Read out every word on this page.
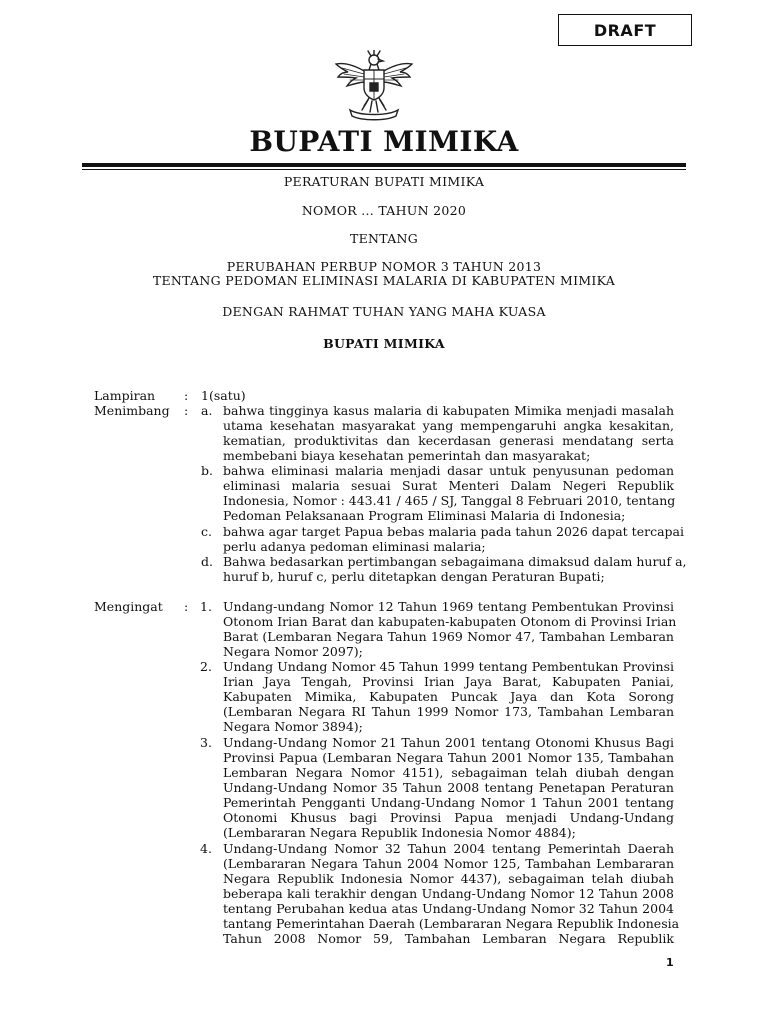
DRAFT
BUPATI MIMIKA
PERATURAN BUPATI MIMIKA
NOMOR ... TAHUN 2020
TENTANG
PERUBAHAN PERBUP NOMOR 3 TAHUN 2013
TENTANG PEDOMAN ELIMINASI MALARIA DI KABUPATEN MIMIKA
DENGAN RAHMAT TUHAN YANG MAHA KUASA
BUPATI MIMIKA
Lampiran : 1(satu)
Menimbang : a. bahwa tingginya kasus malaria di kabupaten Mimika menjadi masalah
utama kesehatan masyarakat yang mempengaruhi angka kesakitan,
kematian, produktivitas dan kecerdasan generasi mendatang serta
membebani biaya kesehatan pemerintah dan masyarakat;
b. bahwa eliminasi malaria menjadi dasar untuk penyusunan pedoman
eliminasi malaria sesuai Surat Menteri Dalam Negeri Republik
Indonesia, Nomor : 443.41 / 465 / SJ, Tanggal 8 Februari 2010, tentang
Pedoman Pelaksanaan Program Eliminasi Malaria di Indonesia;
c. bahwa agar target Papua bebas malaria pada tahun 2026 dapat tercapai
perlu adanya pedoman eliminasi malaria;
d. Bahwa bedasarkan pertimbangan sebagaimana dimaksud dalam huruf a,
huruf b, huruf c, perlu ditetapkan dengan Peraturan Bupati;
Mengingat : 1. Undang-undang Nomor 12 Tahun 1969 tentang Pembentukan Provinsi
Otonom Irian Barat dan kabupaten-kabupaten Otonom di Provinsi Irian
Barat (Lembaran Negara Tahun 1969 Nomor 47, Tambahan Lembaran
Negara Nomor 2097);
2. Undang Undang Nomor 45 Tahun 1999 tentang Pembentukan Provinsi
Irian Jaya Tengah, Provinsi Irian Jaya Barat, Kabupaten Paniai,
Kabupaten Mimika, Kabupaten Puncak Jaya dan Kota Sorong
(Lembaran Negara RI Tahun 1999 Nomor 173, Tambahan Lembaran
Negara Nomor 3894);
3. Undang-Undang Nomor 21 Tahun 2001 tentang Otonomi Khusus Bagi
Provinsi Papua (Lembaran Negara Tahun 2001 Nomor 135, Tambahan
Lembaran Negara Nomor 4151), sebagaiman telah diubah dengan
Undang-Undang Nomor 35 Tahun 2008 tentang Penetapan Peraturan
Pemerintah Pengganti Undang-Undang Nomor 1 Tahun 2001 tentang
Otonomi Khusus bagi Provinsi Papua menjadi Undang-Undang
(Lembararan Negara Republik Indonesia Nomor 4884);
4. Undang-Undang Nomor 32 Tahun 2004 tentang Pemerintah Daerah
(Lembararan Negara Tahun 2004 Nomor 125, Tambahan Lembararan
Negara Republik Indonesia Nomor 4437), sebagaiman telah diubah
beberapa kali terakhir dengan Undang-Undang Nomor 12 Tahun 2008
tentang Perubahan kedua atas Undang-Undang Nomor 32 Tahun 2004
tantang Pemerintahan Daerah (Lembararan Negara Republik Indonesia
Tahun 2008 Nomor 59, Tambahan Lembaran Negara Republik
1
